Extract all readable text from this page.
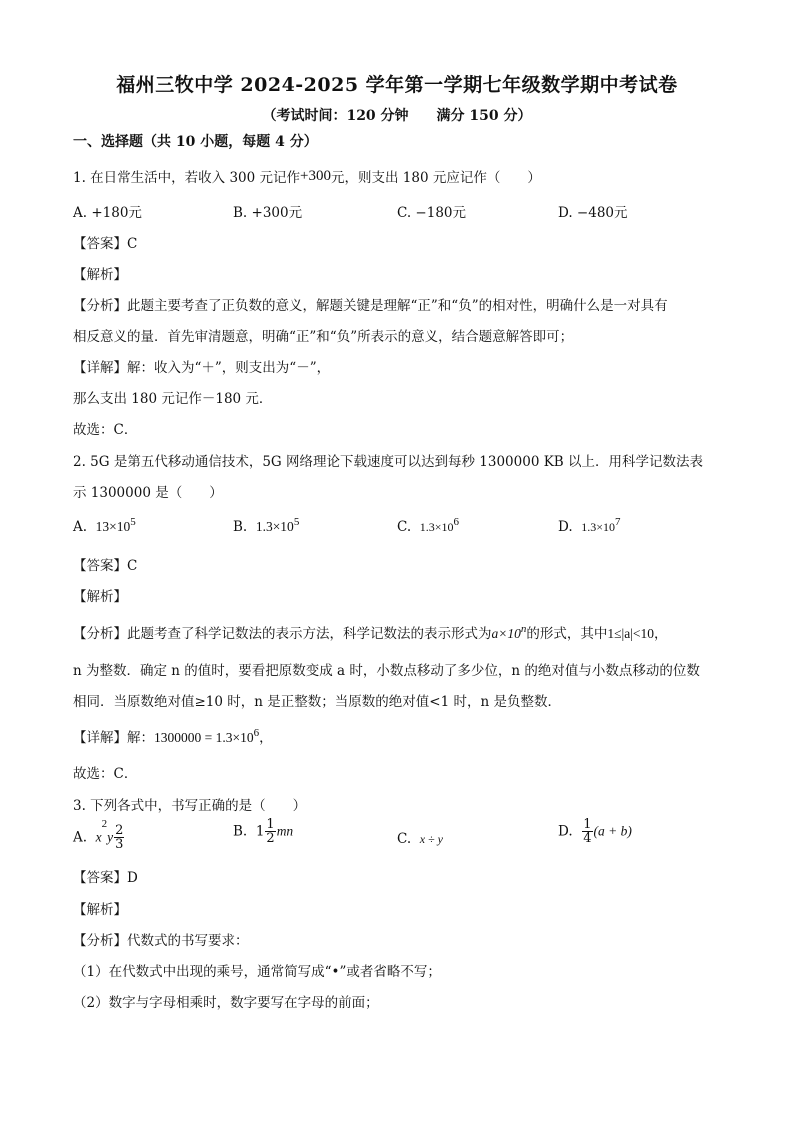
福州三牧中学 2024-2025 学年第一学期七年级数学期中考试卷
（考试时间：120 分钟　　满分 150 分）
一、选择题（共 10 小题，每题 4 分）
1. 在日常生活中，若收入 300 元记作+300元，则支出 180 元应记作（　　）
A. +180元	B. +300元	C. −180元	D. −480元
【答案】C
【解析】
【分析】此题主要考查了正负数的意义，解题关键是理解“正”和“负”的相对性，明确什么是一对具有
相反意义的量．首先审清题意，明确“正”和“负”所表示的意义，结合题意解答即可；
【详解】解：收入为“＋”，则支出为“－”，
那么支出 180 元记作－180 元．
故选：C．
2. 5G 是第五代移动通信技术，5G 网络理论下载速度可以达到每秒 1300000 KB 以上．用科学记数法表
示 1300000 是（　　）
A. $13\times 10^5$	B. $1.3\times 10^5$	C. $1.3\times 10^6$	D. $1.3\times 10^7$
【答案】C
【解析】
【分析】此题考查了科学记数法的表示方法，科学记数法的表示形式为$a\times 10^n$的形式，其中1≤|a|<10，
n 为整数．确定 n 的值时，要看把原数变成 a 时，小数点移动了多少位，n 的绝对值与小数点移动的位数
相同．当原数绝对值≥10 时，n 是正整数；当原数的绝对值<1 时，n 是负整数．
【详解】解：$1300000 = 1.3\times 10^6$，
故选：C．
3. 下列各式中，书写正确的是（　　）
A. $x^2y \frac{2}{3}$	B. $1 \frac{1}{2}$ mn	C. x ÷ y	D. $\frac{1}{4} (a + b)$
【答案】D
【解析】
【分析】代数式的书写要求：
（1）在代数式中出现的乘号，通常简写成“•”或者省略不写；
（2）数字与字母相乘时，数字要写在字母的前面；
